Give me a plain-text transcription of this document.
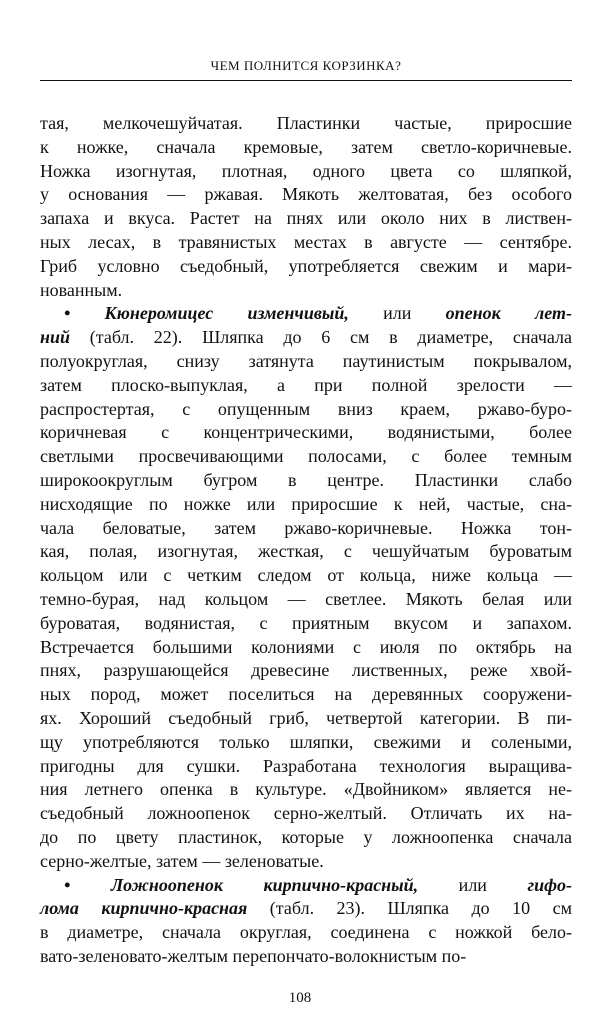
ЧЕМ ПОЛНИТСЯ КОРЗИНКА?
тая, мелкочешуйчатая. Пластинки частые, приросшие
к ножке, сначала кремовые, затем светло-коричневые.
Ножка изогнутая, плотная, одного цвета со шляпкой,
у основания — ржавая. Мякоть желтоватая, без особого
запаха и вкуса. Растет на пнях или около них в листвен-
ных лесах, в травянистых местах в августе — сентябре.
Гриб условно съедобный, употребляется свежим и мари-
нованным.
• Кюнеромицес изменчивый, или опенок лет-
ний (табл. 22). Шляпка до 6 см в диаметре, сначала
полуокруглая, снизу затянута паутинистым покрывалом,
затем плоско-выпуклая, а при полной зрелости —
распростертая, с опущенным вниз краем, ржаво-буро-
коричневая с концентрическими, водянистыми, более
светлыми просвечивающими полосами, с более темным
широкоокруглым бугром в центре. Пластинки слабо
нисходящие по ножке или приросшие к ней, частые, сна-
чала беловатые, затем ржаво-коричневые. Ножка тон-
кая, полая, изогнутая, жесткая, с чешуйчатым буроватым
кольцом или с четким следом от кольца, ниже кольца —
темно-бурая, над кольцом — светлее. Мякоть белая или
буроватая, водянистая, с приятным вкусом и запахом.
Встречается большими колониями с июля по октябрь на
пнях, разрушающейся древесине лиственных, реже хвой-
ных пород, может поселиться на деревянных сооружени-
ях. Хороший съедобный гриб, четвертой категории. В пи-
щу употребляются только шляпки, свежими и солеными,
пригодны для сушки. Разработана технология выращива-
ния летнего опенка в культуре. «Двойником» является не-
съедобный ложноопенок серно-желтый. Отличать их на-
до по цвету пластинок, которые у ложноопенка сначала
серно-желтые, затем — зеленоватые.
• Ложноопенок кирпично-красный, или гифо-
лома кирпично-красная (табл. 23). Шляпка до 10 см
в диаметре, сначала округлая, соединена с ножкой бело-
вато-зеленовато-желтым перепончато-волокнистым по-
108
